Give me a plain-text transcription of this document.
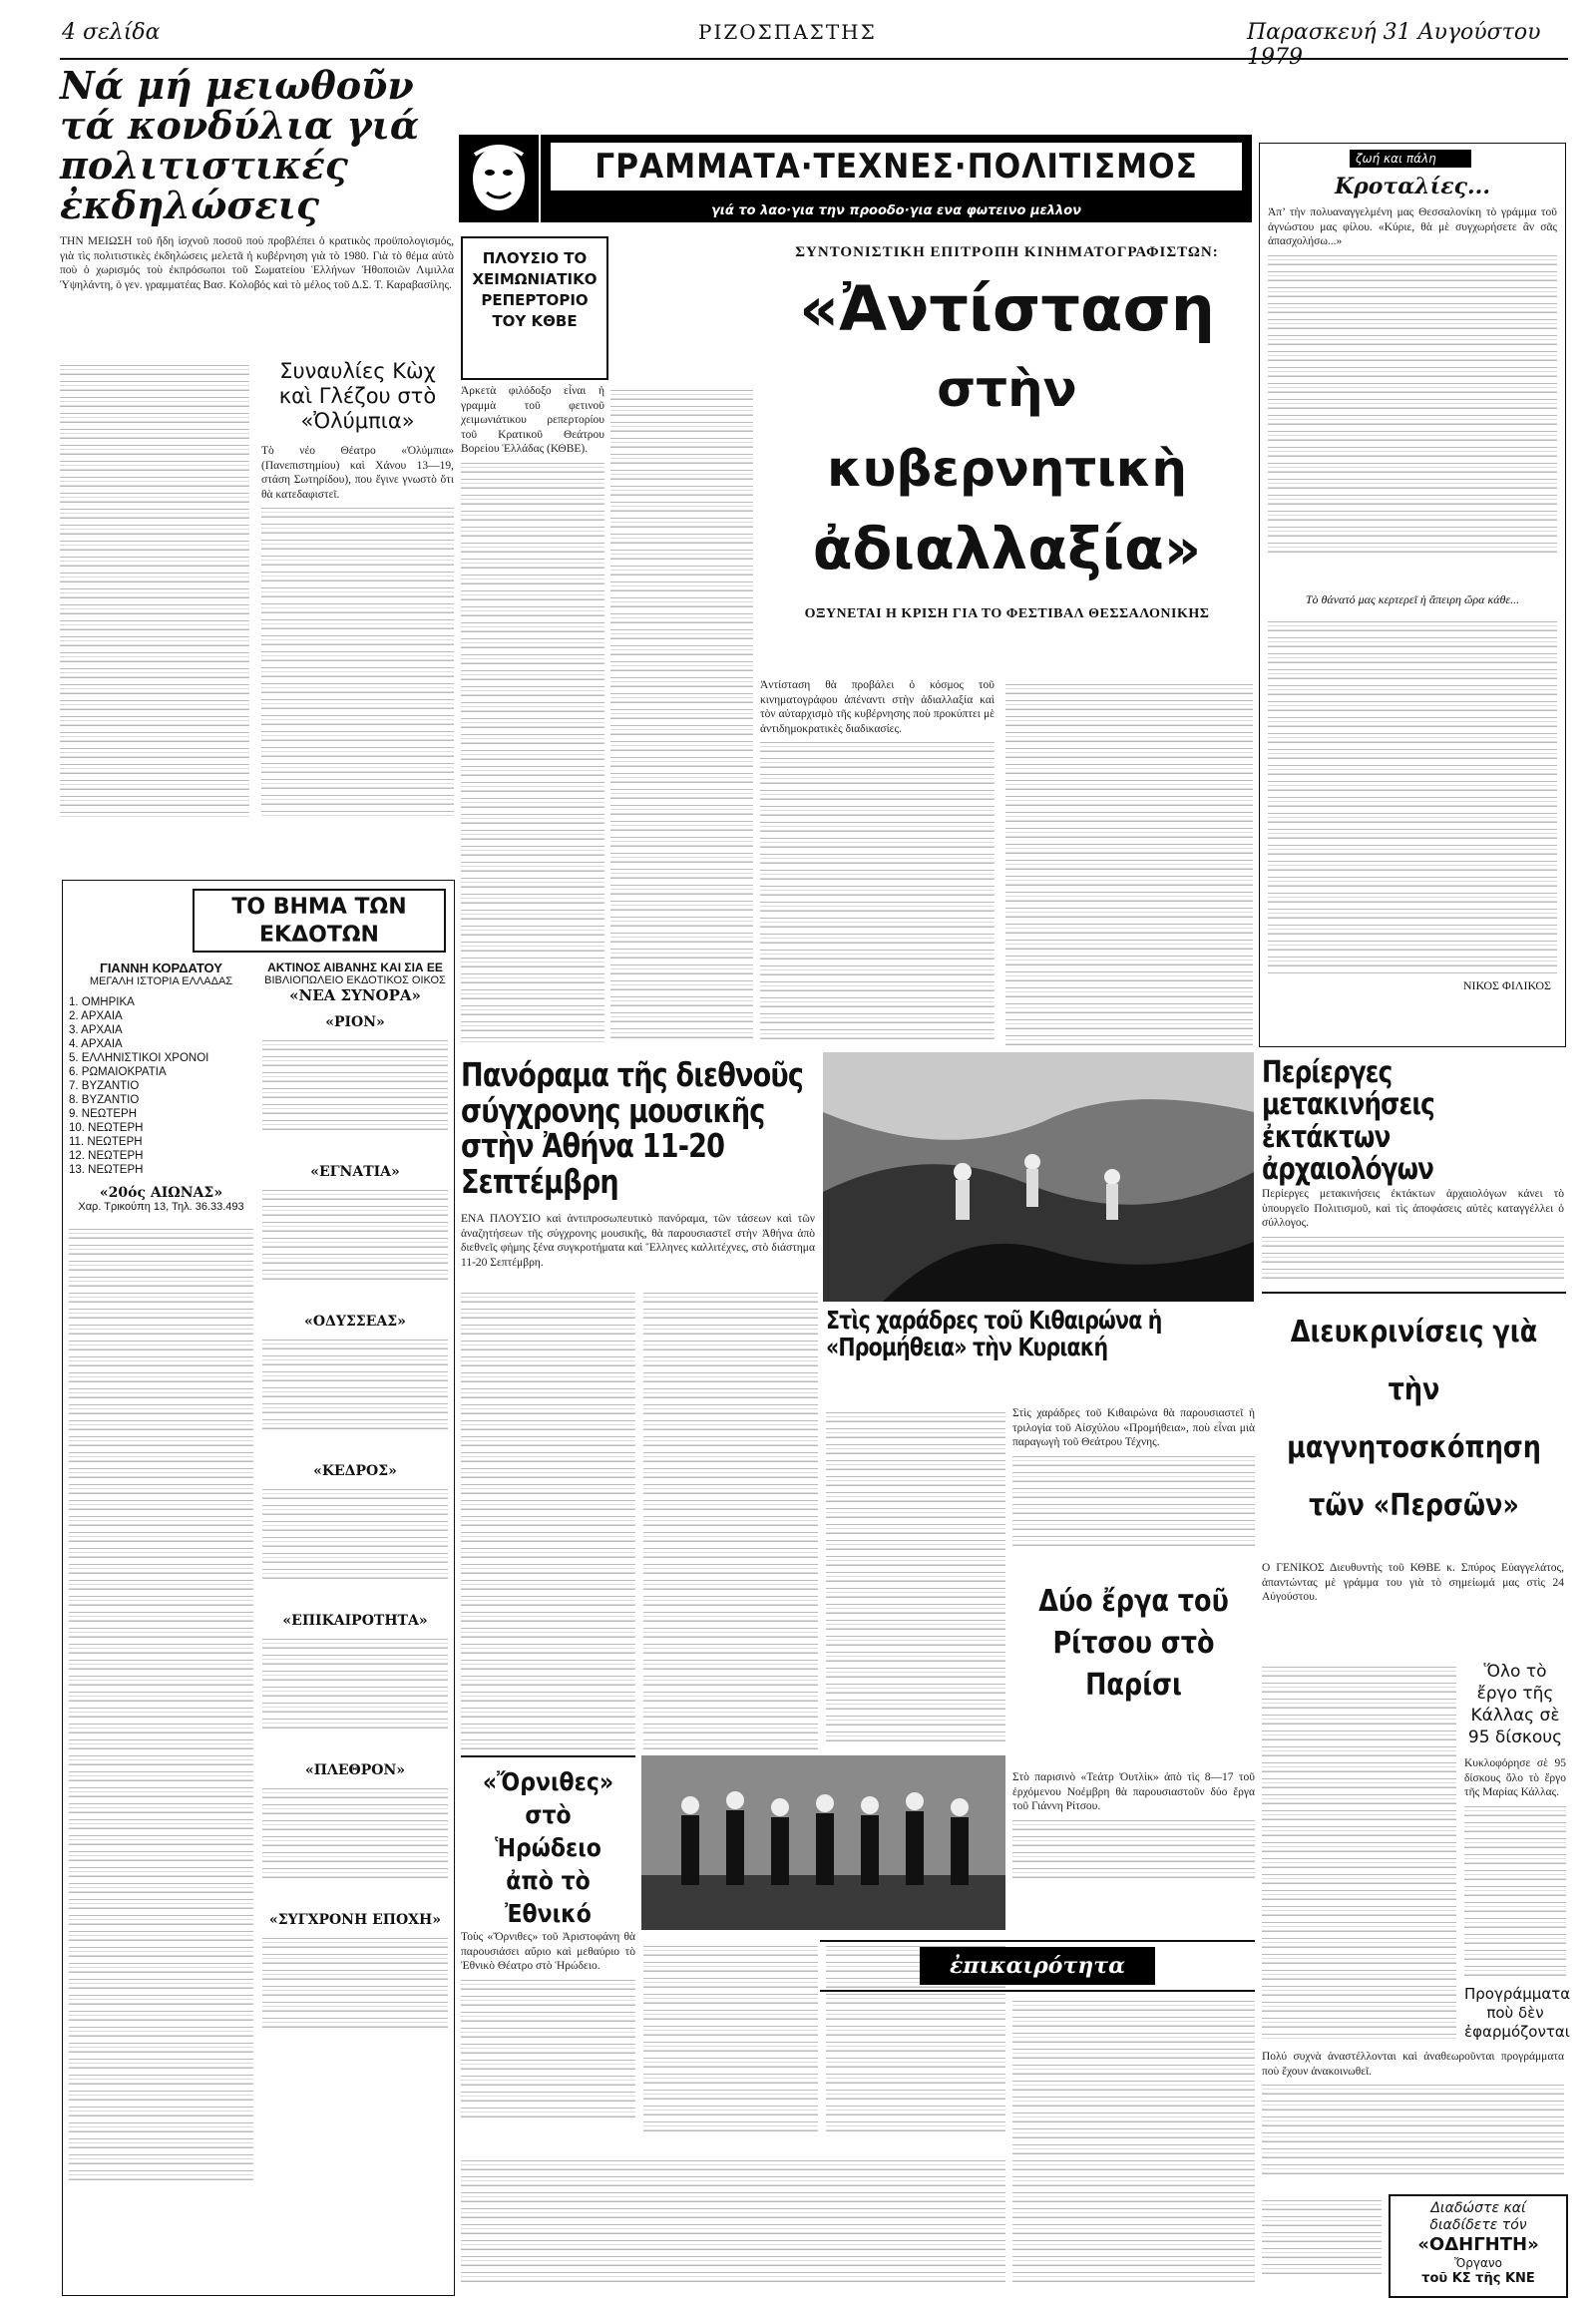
4 σελίδα	ΡΙΖΟΣΠΑΣΤΗΣ	Παρασκευή 31 Αυγούστου 1979
Νά μή μειωθοῦν τά κονδύλια γιά πολιτιστικές ἐκδηλώσεις
ΤΗΝ ΜΕΙΩΣΗ τοῦ ἤδη ἰσχνοῦ ποσοῦ ποὺ προβλέπει ὁ κρατικὸς προϋπολογισμός, γιὰ τὶς πολιτιστικὲς ἐκδηλώσεις μελετᾶ ἡ κυβέρνηση γιὰ τὸ 1980. Γιὰ τὸ θέμα αὐτὸ ποὺ ὁ χωρισμός τοὺ ἐκπρόσωποι τοῦ Σωματείου Ἑλλήνων Ἠθοποιῶν Λιμιλλα Ὑψηλάντη, ὁ γεν. γραμματέας Βασ. Κολοβός καὶ τὸ μέλος τοῦ Δ.Σ. Τ. Καραβασίλης.
Συναυλίες Κὼχ καὶ Γλέζου στὸ «Ὀλύμπια»
Τὸ νέο Θέατρο «Ὀλύμπια» (Πανεπιστημίου) καὶ Χάνου 13—19, στάση Σωτηρίδου), που ἔγινε γνωστὸ ὅτι θὰ κατεδαφιστεῖ.
ΓΡΑΜΜΑΤΑ·ΤΕΧΝΕΣ·ΠΟΛΙΤΙΣΜΟΣ
γιά το λαο·για την προοδο·για ενα φωτεινο μελλον
ΠΛΟΥΣΙΟ ΤΟ ΧΕΙΜΩΝΙΑΤΙΚΟ ΡΕΠΕΡΤΟΡΙΟ ΤΟΥ ΚΘΒΕ
Ἀρκετὰ φιλόδοξο εἶναι ἡ γραμμὰ τοῦ φετινοῦ χειμωνιάτικου ρεπερτορίου τοῦ Κρατικοῦ Θεάτρου Βορείου Ἑλλάδας (ΚΘΒΕ).
ΣΥΝΤΟΝΙΣΤΙΚΗ ΕΠΙΤΡΟΠΗ ΚΙΝΗΜΑΤΟΓΡΑΦΙΣΤΩΝ:
«Ἀντίσταση
στὴν κυβερνητικὴ
ἀδιαλλαξία»
ΟΞΥΝΕΤΑΙ Η ΚΡΙΣΗ ΓΙΑ ΤΟ ΦΕΣΤΙΒΑΛ ΘΕΣΣΑΛΟΝΙΚΗΣ
Ἀντίσταση θὰ προβάλει ὁ κόσμος τοῦ κινηματογράφου ἀπέναντι στὴν ἀδιαλλαξία καὶ τὸν αὐταρχισμὸ τῆς κυβέρνησης ποὺ προκύπτει μὲ ἀντιδημοκρατικὲς διαδικασίες.
ζωή και πάλη
Κροταλίες...
Ἀπ’ τὴν πολυαναγγελμένη μας Θεσσαλονίκη τὸ γράμμα τοῦ ἀγνώστου μας φίλου. «Κύριε, θὰ μὲ συγχωρήσετε ἂν σᾶς ἀπασχολήσω...»
Τὸ θάνατό μας κερτερεῖ ἡ ἄπειρη ὥρα κάθε...
ΝΙΚΟΣ ΦΙΛΙΚΟΣ
ΤΟ ΒΗΜΑ ΤΩΝ ΕΚΔΟΤΩΝ
ΓΙΑΝΝΗ ΚΟΡΔΑΤΟΥ
ΜΕΓΑΛΗ ΙΣΤΟΡΙΑ ΕΛΛΑΔΑΣ
1. ΟΜΗΡΙΚΑ
2. ΑΡΧΑΙΑ
3. ΑΡΧΑΙΑ
4. ΑΡΧΑΙΑ
5. ΕΛΛΗΝΙΣΤΙΚΟΙ ΧΡΟΝΟΙ
6. ΡΩΜΑΙΟΚΡΑΤΙΑ
7. ΒΥΖΑΝΤΙΟ
8. ΒΥΖΑΝΤΙΟ
9. ΝΕΩΤΕΡΗ
10. ΝΕΩΤΕΡΗ
11. ΝΕΩΤΕΡΗ
12. ΝΕΩΤΕΡΗ
13. ΝΕΩΤΕΡΗ
«20ός ΑΙΩΝΑΣ»
Χαρ. Τρικούπη 13, Τηλ. 36.33.493
ΑΚΤΙΝΟΣ ΑΙΒΑΝΗΣ ΚΑΙ ΣΙΑ ΕΕ
ΒΙΒΛΙΟΠΩΛΕΙΟ ΕΚΔΟΤΙΚΟΣ ΟΙΚΟΣ
«ΝΕΑ ΣΥΝΟΡΑ»
«ΡΙΟΝ»
«ΕΓΝΑΤΙΑ»
«ΟΔΥΣΣΕΑΣ»
«ΚΕΔΡΟΣ»
«ΕΠΙΚΑΙΡΟΤΗΤΑ»
«ΠΛΕΘΡΟΝ»
«ΣΥΓΧΡΟΝΗ ΕΠΟΧΗ»
Πανόραμα τῆς διεθνοῦς σύγχρονης μουσικῆς στὴν Ἀθήνα 11-20 Σεπτέμβρη
ΕΝΑ ΠΛΟΥΣΙΟ καὶ ἀντιπροσωπευτικὸ πανόραμα, τῶν τάσεων καὶ τῶν ἀναζητήσεων τῆς σύγχρονης μουσικῆς, θὰ παρουσιαστεῖ στὴν Ἀθήνα ἀπὸ διεθνεῖς φήμης ξένα συγκροτήματα καὶ Ἕλληνες καλλιτέχνες, στὸ διάστημα 11-20 Σεπτέμβρη.
Στὶς χαράδρες τοῦ Κιθαιρώνα ἡ «Προμήθεια» τὴν Κυριακή
Στὶς χαράδρες τοῦ Κιθαιρώνα θὰ παρουσιαστεῖ ἡ τριλογία τοῦ Αἰσχύλου «Προμήθεια», ποὺ εἶναι μιὰ παραγωγὴ τοῦ Θεάτρου Τέχνης.
«Ὄρνιθες» στὸ Ἡρώδειο ἀπὸ τὸ Ἐθνικό
Τοὺς «Ὄρνιθες» τοῦ Ἀριστοφάνη θὰ παρουσιάσει αὔριο καὶ μεθαύριο τὸ Ἐθνικὸ Θέατρο στὸ Ἡρώδειο.
Δύο ἔργα τοῦ Ρίτσου στὸ Παρίσι
Στὸ παρισινὸ «Τεάτρ Ὀυτλὶκ» ἀπὸ τὶς 8—17 τοῦ ἐρχόμενου Νοέμβρη θὰ παρουσιαστοῦν δύο ἔργα τοῦ Γιάννη Ρίτσου.
ἐπικαιρότητα
Περίεργες μετακινήσεις ἐκτάκτων ἀρχαιολόγων
Περίεργες μετακινήσεις ἐκτάκτων ἀρχαιολόγων κάνει τὸ ὑπουργεῖο Πολιτισμοῦ, καὶ τὶς ἀποφάσεις αὐτὲς καταγγέλλει ὁ σύλλογος.
Διευκρινίσεις γιὰ τὴν μαγνητοσκόπηση τῶν «Περσῶν»
Ο ΓΕΝΙΚΟΣ Διευθυντὴς τοῦ ΚΘΒΕ κ. Σπύρος Εὐαγγελάτος, ἀπαντώντας μὲ γράμμα του γιὰ τὸ σημείωμά μας στὶς 24 Αὐγούστου.
Ὅλο τὸ ἔργο τῆς Κάλλας σὲ 95 δίσκους
Κυκλοφόρησε σὲ 95 δίσκους ὅλο τὸ ἔργο τῆς Μαρίας Κάλλας.
Προγράμματα ποὺ δὲν ἐφαρμόζονται
Πολύ συχνὰ ἀναστέλλονται καὶ ἀναθεωροῦνται προγράμματα ποὺ ἔχουν ἀνακοινωθεῖ.
Διαδώστε καί
διαδίδετε τόν
«ΟΔΗΓΗΤΗ»
Ὄργανο
τοῦ ΚΣ τῆς ΚΝΕ
